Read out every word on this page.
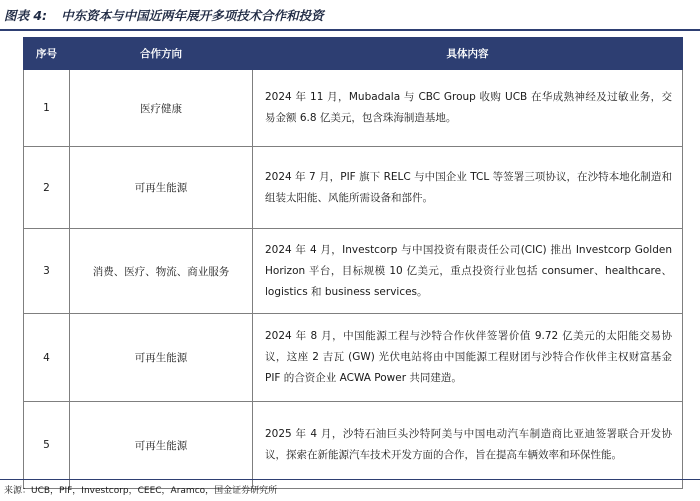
图表 4: 中东资本与中国近两年展开多项技术合作和投资
序号	合作方向	具体内容
1	医疗健康	2024 年 11 月，Mubadala 与 CBC Group 收购 UCB 在华成熟神经及过敏业务，交易金额 6.8 亿美元，包含珠海制造基地。
2	可再生能源	2024 年 7 月，PIF 旗下 RELC 与中国企业 TCL 等签署三项协议，在沙特本地化制造和组装太阳能、风能所需设备和部件。
3	消费、医疗、物流、商业服务	2024 年 4 月，Investcorp 与中国投资有限责任公司(CIC) 推出 Investcorp Golden Horizon 平台，目标规模 10 亿美元，重点投资行业包括 consumer、healthcare、logistics 和 business services。
4	可再生能源	2024 年 8 月，中国能源工程与沙特合作伙伴签署价值 9.72 亿美元的太阳能交易协议，这座 2 吉瓦 (GW) 光伏电站将由中国能源工程财团与沙特合作伙伴主权财富基金 PIF 的合资企业 ACWA Power 共同建造。
5	可再生能源	2025 年 4 月，沙特石油巨头沙特阿美与中国电动汽车制造商比亚迪签署联合开发协议，探索在新能源汽车技术开发方面的合作，旨在提高车辆效率和环保性能。
来源：UCB，PIF，Investcorp，CEEC，Aramco，国金证券研究所
